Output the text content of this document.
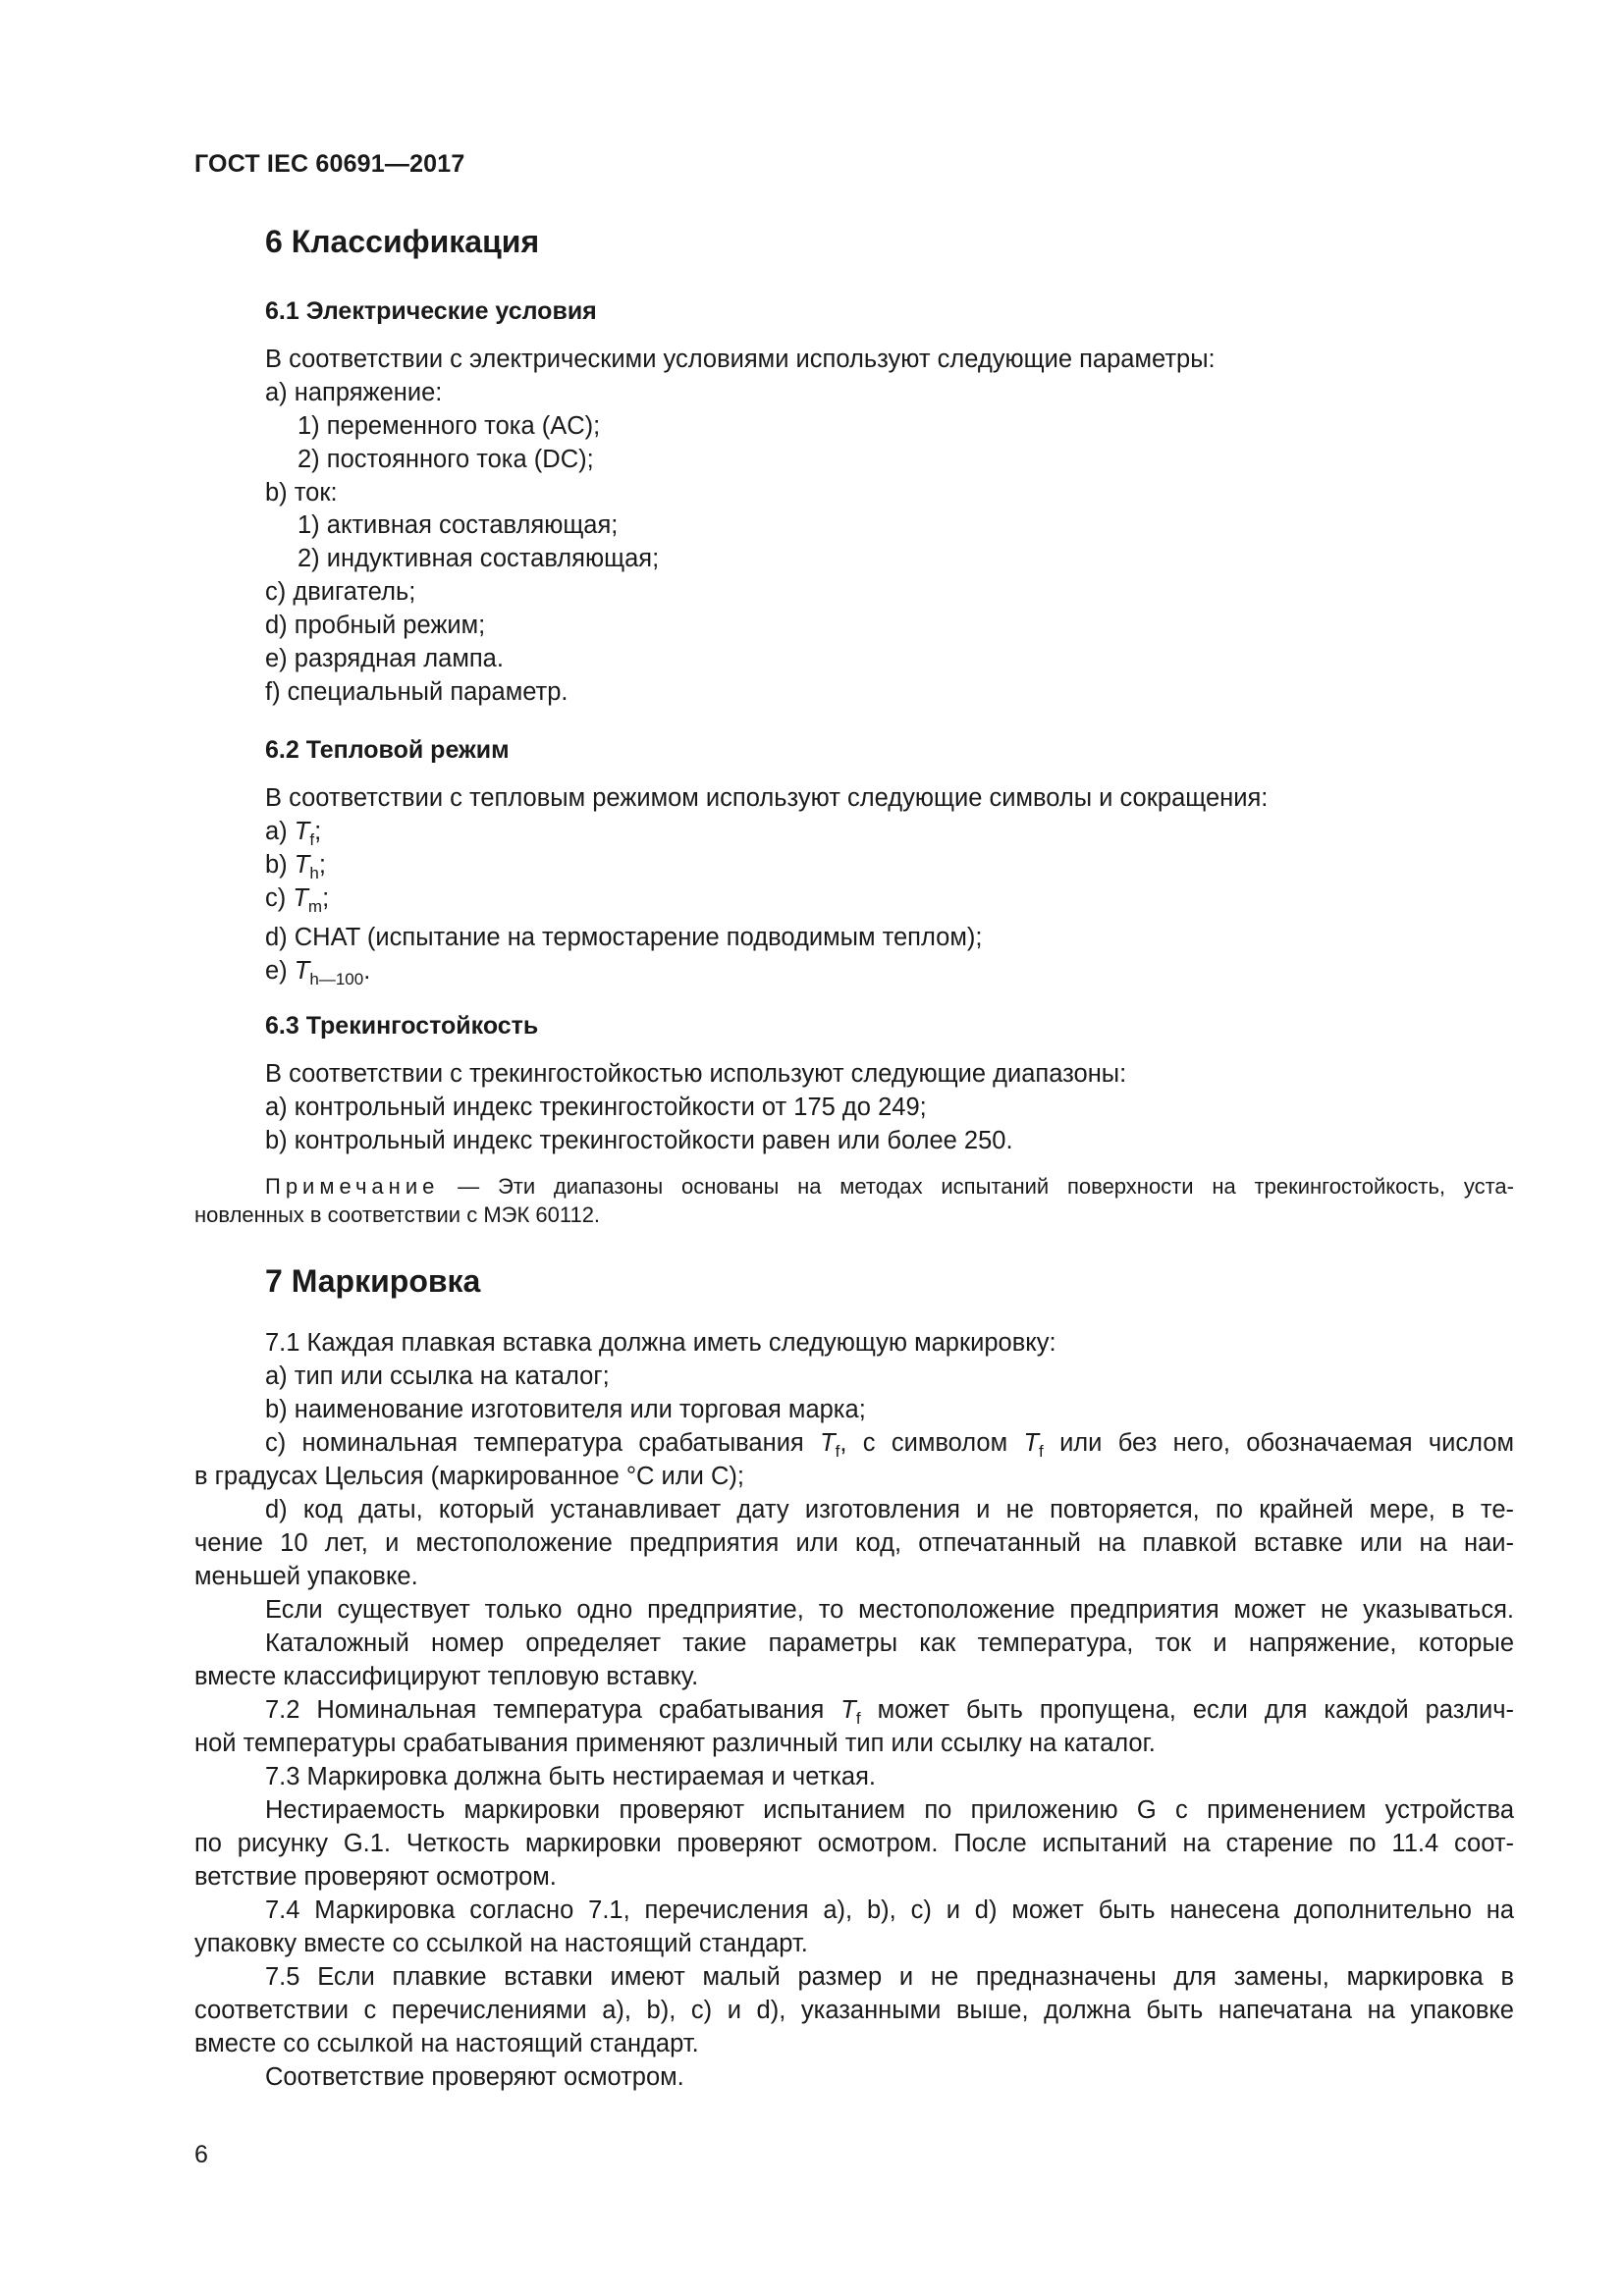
ГОСТ IEC 60691—2017

6 Классификация
6.1 Электрические условия

В соответствии с электрическими условиями используют следующие параметры:

a) напряжение:

1) переменного тока (AC);

2) постоянного тока (DC);

b) ток:

1) активная составляющая;

2) индуктивная составляющая;

c) двигатель;

d) пробный режим;

e) разрядная лампа.

f) специальный параметр.

6.2 Тепловой режим

В соответствии с тепловым режимом используют следующие символы и сокращения:

a) $T_f$;

b) $T_h$;

c) $T_m$;

d) CHAT (испытание на термостарение подводимым теплом);

e) $T_{h—100}$.

6.3 Трекингостойкость

В соответствии с трекингостойкостью используют следующие диапазоны:

a) контрольный индекс трекингостойкости от 175 до 249;

b) контрольный индекс трекингостойкости равен или более 250.

Примечание — Эти диапазоны основаны на методах испытаний поверхности на трекингостойкость, уста-

новленных в соответствии с МЭК 60112.

7 Маркировка

7.1 Каждая плавкая вставка должна иметь следующую маркировку:

a) тип или ссылка на каталог;

b) наименование изготовителя или торговая марка;

c) номинальная температура срабатывания $T_f$, с символом $T_f$ или без него, обозначаемая числом

в градусах Цельсия (маркированное °С или С);

d) код даты, который устанавливает дату изготовления и не повторяется, по крайней мере, в те-

чение 10 лет, и местоположение предприятия или код, отпечатанный на плавкой вставке или на наи-

меньшей упаковке.

Если существует только одно предприятие, то местоположение предприятия может не указываться.

Каталожный номер определяет такие параметры как температура, ток и напряжение, которые

вместе классифицируют тепловую вставку.

7.2 Номинальная температура срабатывания $T_f$ может быть пропущена, если для каждой различ-

ной температуры срабатывания применяют различный тип или ссылку на каталог.

7.3 Маркировка должна быть нестираемая и четкая.

Нестираемость маркировки проверяют испытанием по приложению G с применением устройства

по рисунку G.1. Четкость маркировки проверяют осмотром. После испытаний на старение по 11.4 соот-

ветствие проверяют осмотром.

7.4 Маркировка согласно 7.1, перечисления a), b), c) и d) может быть нанесена дополнительно на

упаковку вместе со ссылкой на настоящий стандарт.

7.5 Если плавкие вставки имеют малый размер и не предназначены для замены, маркировка в

соответствии с перечислениями a), b), c) и d), указанными выше, должна быть напечатана на упаковке

вместе со ссылкой на настоящий стандарт.

Соответствие проверяют осмотром.

6
